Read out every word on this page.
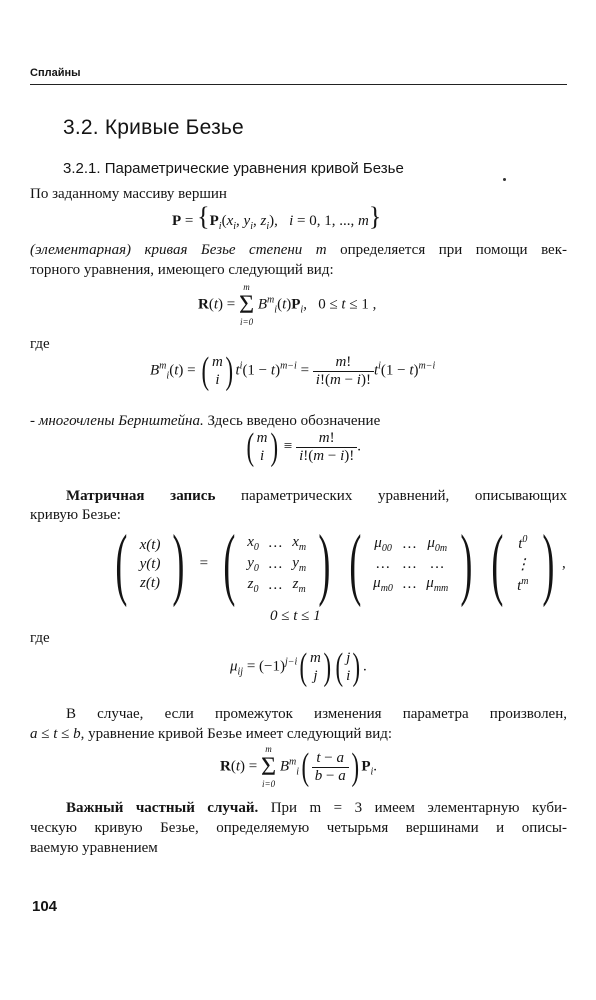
Сплайны
3.2. Кривые Безье
3.2.1. Параметрические уравнения кривой Безье
По заданному массиву вершин
$P = \{P_i(x_i$, $y_i$, $z_i$),   i = 0, 1, ..., m}
(элементарная) кривая Безье степени m определяется при помощи век-
торного уравнения, имеющего следующий вид:
R(t) =
m
Σ
i=0
$B^m_i(t)P_i$,   0 ≤ t ≤ 1 ,
где
$B^m_i(t)$ = ( m
i ) $t^i(1 - t)^{m-i} = \frac{m!}{i!(m - i)!} t^i(1 - t)^{m-i}$
- многочлены Бернштейна. Здесь введено обозначение
( m
i ) ≡ $\frac{m!}{i!(m - i)!}$ .
Матричная запись параметрических уравнений, описывающих
кривую Безье:
( x(t)
y(t)
z(t) )  =  ( $x_0$	…	$x_m$
$y_0$	…	$y_m$
$z_0$	…	$z_m$ ) ( $\mu_{00}$	…	$\mu_{0m}$
…	…	…
$\mu_{m0}$	…	$\mu_{mm}$ ) ( $t^0$
⋮
$t^m$ ) ,
0 ≤ t ≤ 1
где
$\mu_{ij} = (-1)^{j-i}$( m
j ) ( j
i) .
В случае, если промежуток изменения параметра произволен,
a ≤ t ≤ b, уравнение кривой Безье имеет следующий вид:
R(t) =
m
Σ
i=0
$B^m_i( \frac{t - a}{b - a}$ ) $P_i$.
Важный частный случай. При m = 3 имеем элементарную куби-
ческую кривую Безье, определяемую четырьмя вершинами и описы-
ваемую уравнением
104
